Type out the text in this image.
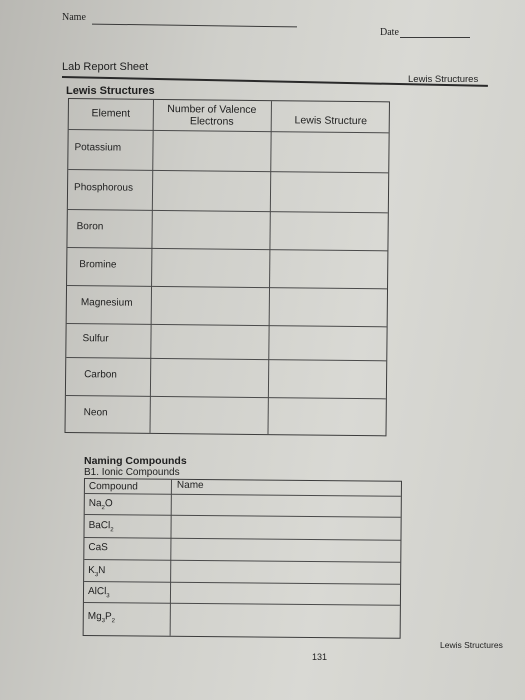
Name
Date
Lab Report Sheet
Lewis Structures
Lewis Structures
Element	Number of Valence Electrons	Lewis Structure
Potassium
Phosphorous
Boron
Bromine
Magnesium
Sulfur
Carbon
Neon
Naming Compounds
B1. Ionic Compounds
Compound	Name
$Na_2O$
BaCl$_2$
CaS
$K_3N$
AlCl$_3$
$Mg_3P_2$
131
Lewis Structures
